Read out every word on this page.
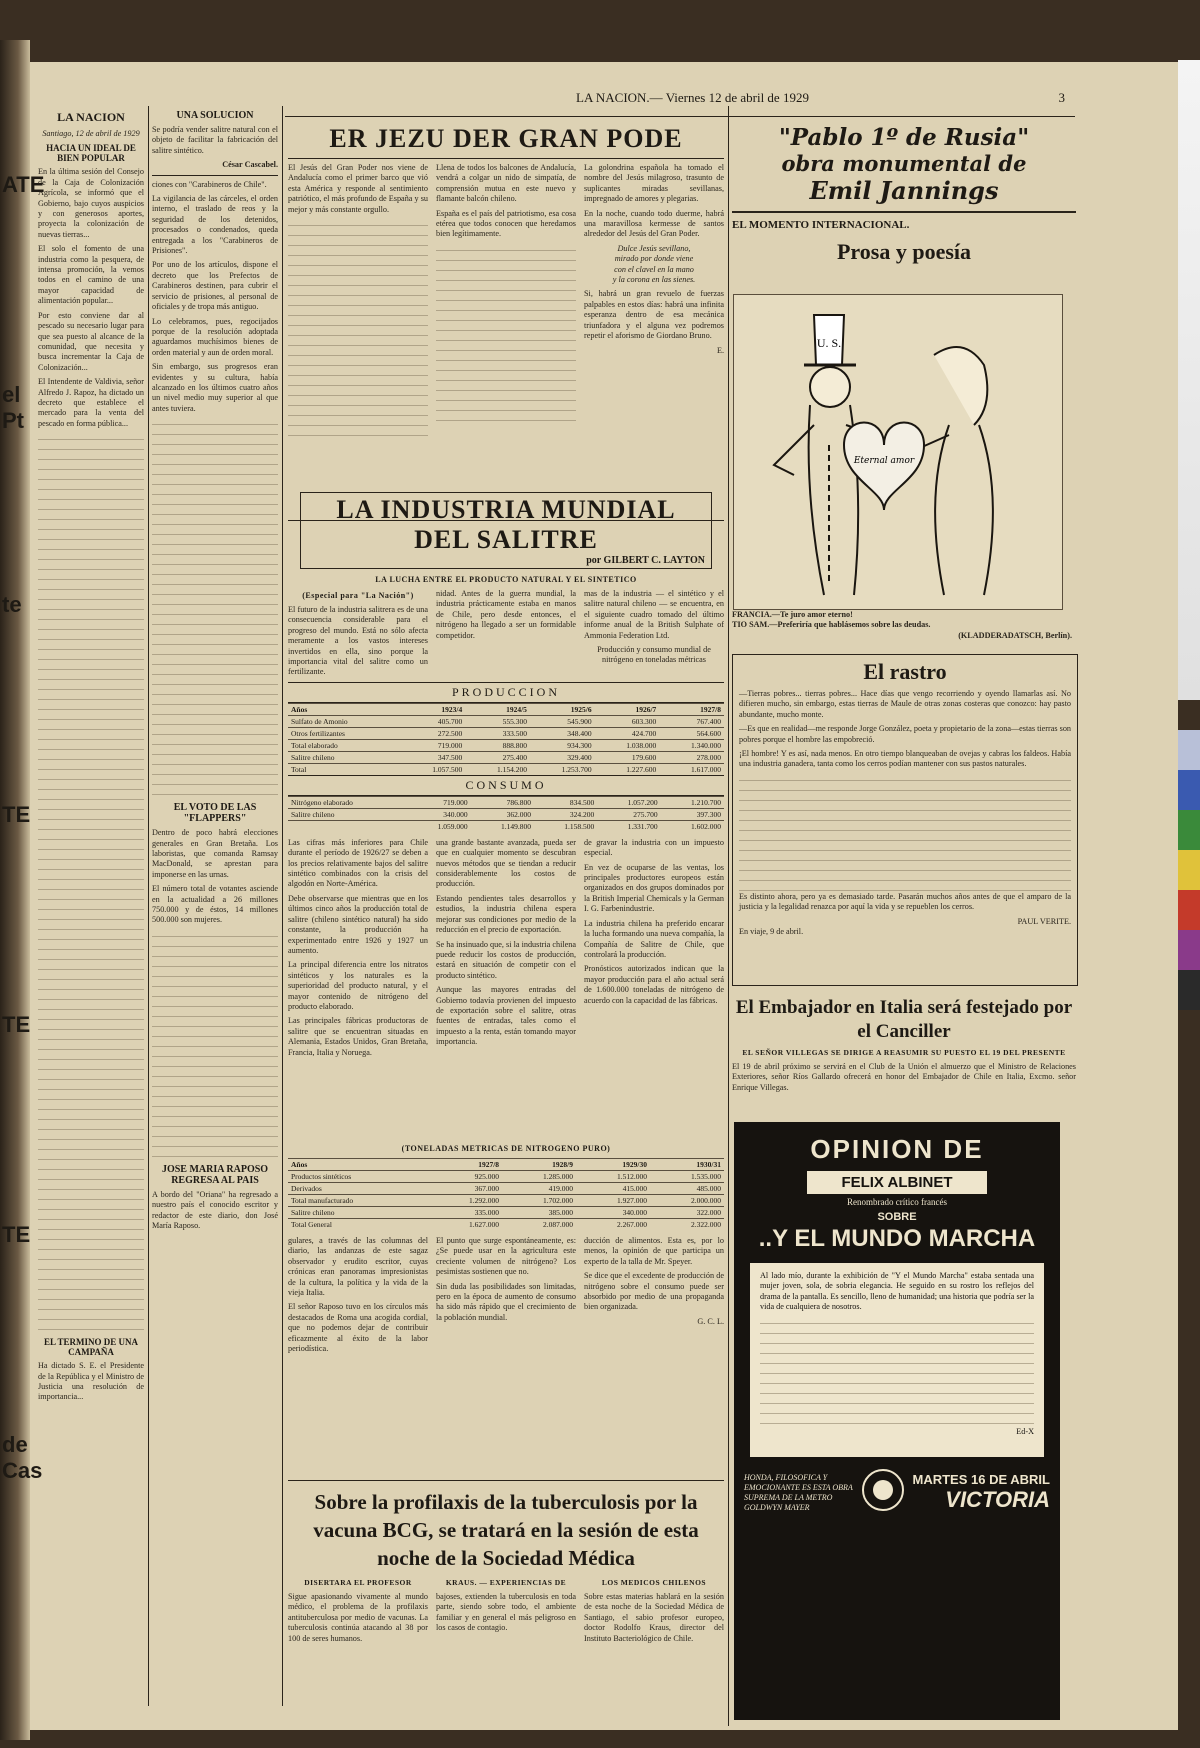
LA NACION.— Viernes 12 de abril de 1929	3
ATE
el Pt
te
TE
TE
TE
de Cas
LA NACION
Santiago, 12 de abril de 1929
HACIA UN IDEAL DE BIEN POPULAR

En la última sesión del Consejo de la Caja de Colonización Agrícola, se informó que el Gobierno, bajo cuyos auspicios y con generosos aportes, proyecta la colonización de nuevas tierras...

El solo el fomento de una industria como la pesquera, de intensa promoción, la vemos todos en el camino de una mayor capacidad de alimentación popular...

Por esto conviene dar al pescado su necesario lugar para que sea puesto al alcance de la comunidad, que necesita y busca incrementar la Caja de Colonización...

El Intendente de Valdivia, señor Alfredo J. Rapoz, ha dictado un decreto que establece el mercado para la venta del pescado en forma pública...

EL TERMINO DE UNA CAMPAÑA

Ha dictado S. E. el Presidente de la República y el Ministro de Justicia una resolución de importancia...

UNA SOLUCION

Se podría vender salitre natural con el objeto de facilitar la fabricación del salitre sintético.

César Cascabel.

ciones con "Carabineros de Chile".

La vigilancia de las cárceles, el orden interno, el traslado de reos y la seguridad de los detenidos, procesados o condenados, queda entregada a los "Carabineros de Prisiones".

Por uno de los artículos, dispone el decreto que los Prefectos de Carabineros destinen, para cubrir el servicio de prisiones, al personal de oficiales y de tropa más antiguo.

Lo celebramos, pues, regocijados porque de la resolución adoptada aguardamos muchísimos bienes de orden material y aun de orden moral.

Sin embargo, sus progresos eran evidentes y su cultura, había alcanzado en los últimos cuatro años un nivel medio muy superior al que antes tuviera.

EL VOTO DE LAS "FLAPPERS"

Dentro de poco habrá elecciones generales en Gran Bretaña. Los laboristas, que comanda Ramsay MacDonald, se aprestan para imponerse en las urnas.

El número total de votantes asciende en la actualidad a 26 millones 750.000 y de éstos, 14 millones 500.000 son mujeres.

JOSE MARIA RAPOSO REGRESA AL PAIS

A bordo del "Oriana" ha regresado a nuestro país el conocido escritor y redactor de este diario, don José María Raposo.

ER JEZU DER GRAN PODE

El Jesús del Gran Poder nos viene de Andalucía como el primer barco que vió esta América y responde al sentimiento patriótico, el más profundo de España y su mejor y más constante orgullo.

Llena de todos los balcones de Andalucía, vendrá a colgar un nido de simpatía, de comprensión mutua en este nuevo y flamante balcón chileno.

España es el país del patriotismo, esa cosa etérea que todos conocen que heredamos bien legítimamente.

La golondrina española ha tomado el nombre del Jesús milagroso, trasunto de suplicantes miradas sevillanas, impregnado de amores y plegarias.

En la noche, cuando todo duerme, habrá una maravillosa kermesse de santos alrededor del Jesús del Gran Poder.

Dulce Jesús sevillano,
mirado por donde viene
con el clavel en la mano
y la corona en las sienes.

Si, habrá un gran revuelo de fuerzas palpables en estos días: habrá una infinita esperanza dentro de esa mecánica triunfadora y el alguna vez podremos repetir el aforismo de Giordano Bruno.

E.
LA INDUSTRIA MUNDIAL DEL SALITRE
por GILBERT C. LAYTON
LA LUCHA ENTRE EL PRODUCTO NATURAL Y EL SINTETICO
(Especial para "La Nación")

El futuro de la industria salitrera es de una consecuencia considerable para el progreso del mundo. Está no sólo afecta meramente a los vastos intereses invertidos en ella, sino porque la importancia vital del salitre como un fertilizante.

nidad. Antes de la guerra mundial, la industria prácticamente estaba en manos de Chile, pero desde entonces, el nitrógeno ha llegado a ser un formidable competidor.

mas de la industria — el sintético y el salitre natural chileno — se encuentra, en el siguiente cuadro tomado del último informe anual de la British Sulphate of Ammonia Federation Ltd.

Producción y consumo mundial de nitrógeno en toneladas métricas

PRODUCCION
Años	1923/4	1924/5	1925/6	1926/7	1927/8
Sulfato de Amonio	405.700	555.300	545.900	603.300	767.400
Otros fertilizantes	272.500	333.500	348.400	424.700	564.600
Total elaborado	719.000	888.800	934.300	1.038.000	1.340.000
Salitre chileno	347.500	275.400	329.400	179.600	278.000
Total	1.057.500	1.154.200	1.253.700	1.227.600	1.617.000
CONSUMO
Nitrógeno elaborado	719.000	786.800	834.500	1.057.200	1.210.700
Salitre chileno	340.000	362.000	324.200	275.700	397.300
	1.059.000	1.149.800	1.158.500	1.331.700	1.602.000

Las cifras más inferiores para Chile durante el período de 1926/27 se deben a los precios relativamente bajos del salitre sintético combinados con la crisis del algodón en Norte-América.

Debe observarse que mientras que en los últimos cinco años la producción total de salitre (chileno sintético natural) ha sido constante, la producción ha experimentado entre 1926 y 1927 un aumento.

La principal diferencia entre los nitratos sintéticos y los naturales es la superioridad del producto natural, y el mayor contenido de nitrógeno del producto elaborado.

Las principales fábricas productoras de salitre que se encuentran situadas en Alemania, Estados Unidos, Gran Bretaña, Francia, Italia y Noruega.

una grande bastante avanzada, pueda ser que en cualquier momento se descubran nuevos métodos que se tiendan a reducir considerablemente los costos de producción.

Estando pendientes tales desarrollos y estudios, la industria chilena espera mejorar sus condiciones por medio de la reducción en el precio de exportación.

Se ha insinuado que, si la industria chilena puede reducir los costos de producción, estará en situación de competir con el producto sintético.

Aunque las mayores entradas del Gobierno todavía provienen del impuesto de exportación sobre el salitre, otras fuentes de entradas, tales como el impuesto a la renta, están tomando mayor importancia.

de gravar la industria con un impuesto especial.

En vez de ocuparse de las ventas, los principales productores europeos están organizados en dos grupos dominados por la British Imperial Chemicals y la German I. G. Farbenindustrie.

La industria chilena ha preferido encarar la lucha formando una nueva compañía, la Compañía de Salitre de Chile, que controlará la producción.

Pronósticos autorizados indican que la mayor producción para el año actual será de 1.600.000 toneladas de nitrógeno de acuerdo con la capacidad de las fábricas.

(TONELADAS METRICAS DE NITROGENO PURO)
Años	1927/8	1928/9	1929/30	1930/31
Productos sintéticos	925.000	1.285.000	1.512.000	1.535.000
Derivados	367.000	419.000	415.000	485.000
Total manufacturado	1.292.000	1.702.000	1.927.000	2.000.000
Salitre chileno	335.000	385.000	340.000	322.000
Total General	1.627.000	2.087.000	2.267.000	2.322.000

gulares, a través de las columnas del diario, las andanzas de este sagaz observador y erudito escritor, cuyas crónicas eran panoramas impresionistas de la cultura, la política y la vida de la vieja Italia.

El señor Raposo tuvo en los círculos más destacados de Roma una acogida cordial, que no podemos dejar de contribuir eficazmente al éxito de la labor periodística.

El punto que surge espontáneamente, es: ¿Se puede usar en la agricultura este creciente volumen de nitrógeno? Los pesimistas sostienen que no.

Sin duda las posibilidades son limitadas, pero en la época de aumento de consumo ha sido más rápido que el crecimiento de la población mundial.

ducción de alimentos. Esta es, por lo menos, la opinión de que participa un experto de la talla de Mr. Speyer.

Se dice que el excedente de producción de nitrógeno sobre el consumo puede ser absorbido por medio de una propaganda bien organizada.

G. C. L.
Sobre la profilaxis de la tuberculosis por la vacuna BCG, se tratará en la sesión de esta noche de la Sociedad Médica
DISERTARA EL PROFESOR

Sigue apasionando vivamente al mundo médico, el problema de la profilaxis antituberculosa por medio de vacunas. La tuberculosis continúa atacando al 38 por 100 de seres humanos.

KRAUS. — EXPERIENCIAS DE

bajoses, extienden la tuberculosis en toda parte, siendo sobre todo, el ambiente familiar y en general el más peligroso en los casos de contagio.

LOS MEDICOS CHILENOS

Sobre estas materias hablará en la sesión de esta noche de la Sociedad Médica de Santiago, el sabio profesor europeo, doctor Rodolfo Kraus, director del Instituto Bacteriológico de Chile.

"Pablo 1º de Rusia"
obra monumental de
Emil Jannings
EL MOMENTO INTERNACIONAL.
Prosa y poesía
U. S.
Eternal amor
FRANCIA.—Te juro amor eterno!
TIO SAM.—Preferiría que hablásemos sobre las deudas.
(KLADDERADATSCH, Berlín).
El rastro

—Tierras pobres... tierras pobres... Hace días que vengo recorriendo y oyendo llamarlas así. No difieren mucho, sin embargo, estas tierras de Maule de otras zonas costeras que conozco: hay pasto abundante, mucho monte.

—Es que en realidad—me responde Jorge González, poeta y propietario de la zona—estas tierras son pobres porque el hombre las empobreció.

¡El hombre! Y es así, nada menos. En otro tiempo blanqueaban de ovejas y cabras los faldeos. Había una industria ganadera, tanta como los cerros podían mantener con sus pastos naturales.

Es distinto ahora, pero ya es demasiado tarde. Pasarán muchos años antes de que el amparo de la justicia y la legalidad renazca por aquí la vida y se repueblen los cerros.

PAUL VERITE.
En viaje, 9 de abril.
El Embajador en Italia será festejado por el Canciller
EL SEÑOR VILLEGAS SE DIRIGE A REASUMIR SU PUESTO EL 19 DEL PRESENTE

El 19 de abril próximo se servirá en el Club de la Unión el almuerzo que el Ministro de Relaciones Exteriores, señor Ríos Gallardo ofrecerá en honor del Embajador de Chile en Italia, Excmo. señor Enrique Villegas.

OPINION DE
FELIX ALBINET
Renombrado crítico francés
SOBRE
..Y EL MUNDO MARCHA

Al lado mío, durante la exhibición de "Y el Mundo Marcha" estaba sentada una mujer joven, sola, de sobria elegancia. He seguido en su rostro los reflejos del drama de la pantalla. Es sencillo, lleno de humanidad; una historia que podría ser la vida de cualquiera de nosotros.

Ed-X
HONDA, FILOSOFICA Y EMOCIONANTE ES ESTA OBRA SUPREMA DE LA METRO GOLDWYN MAYER
MARTES 16 DE ABRIL
VICTORIA
